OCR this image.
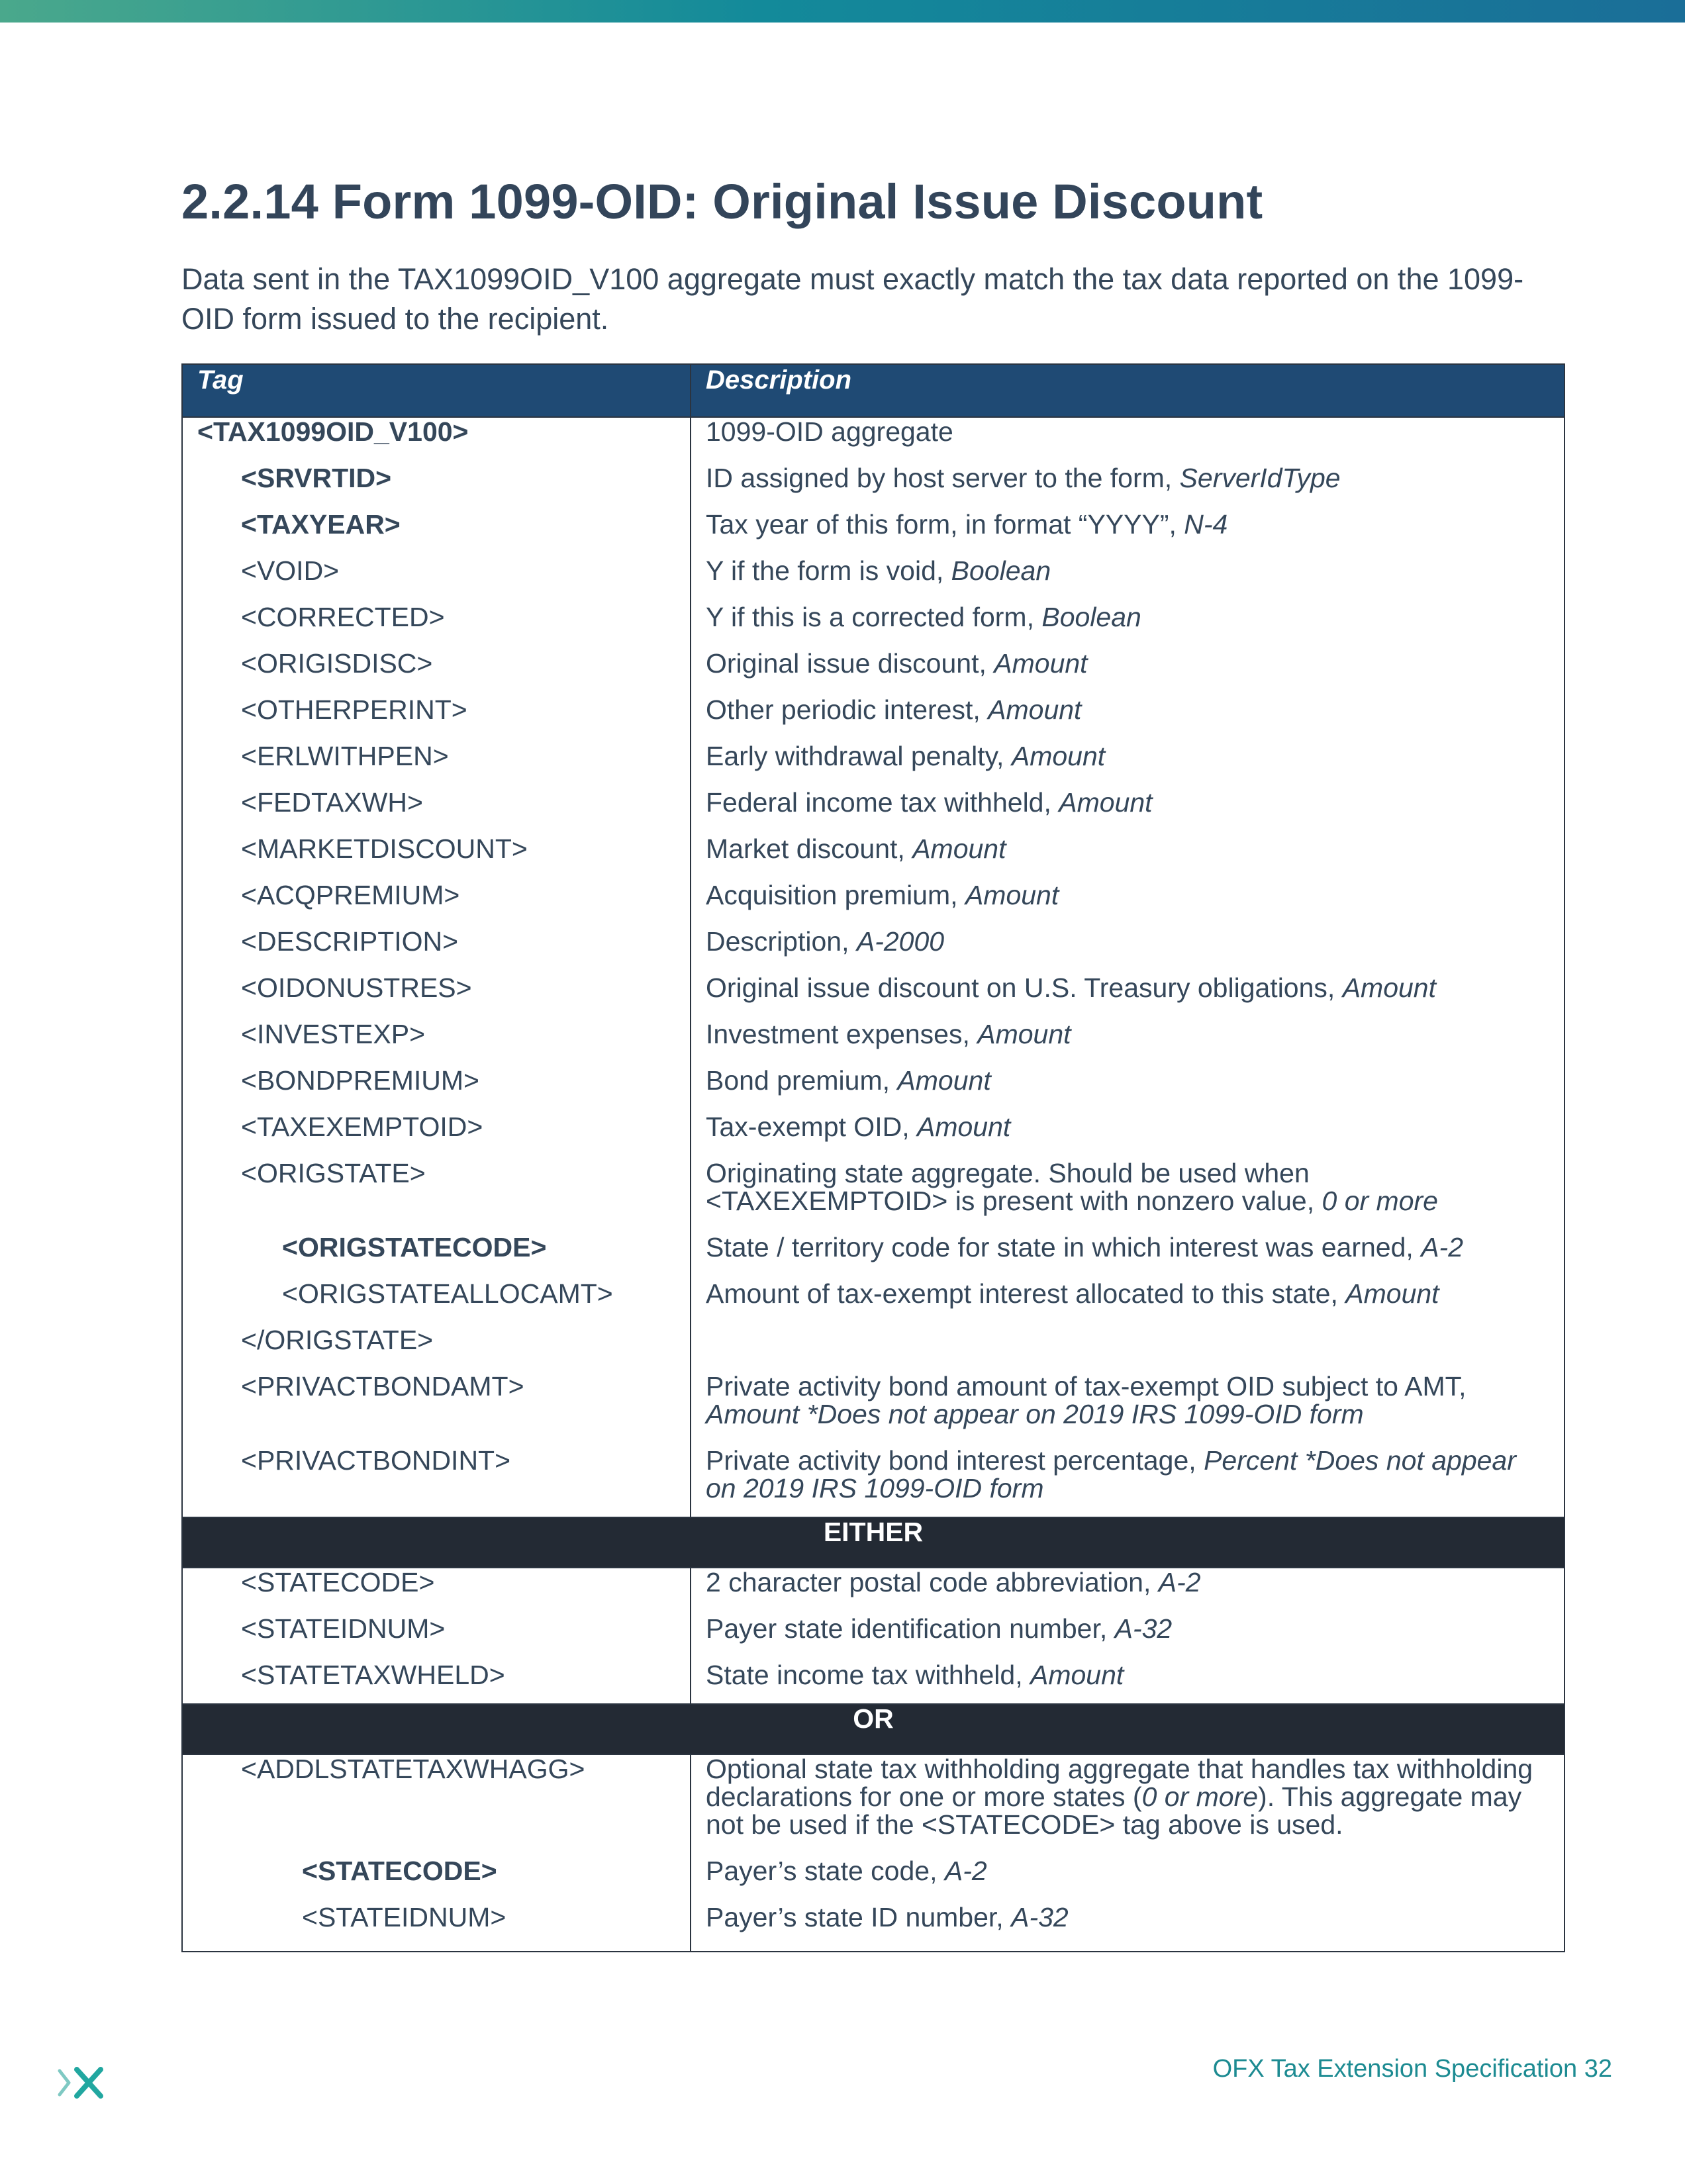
2.2.14 Form 1099-OID: Original Issue Discount

Data sent in the TAX1099OID_V100 aggregate must exactly match the tax data reported on the 1099-OID form issued to the recipient.

Tag	Description
<TAX1099OID_V100>	1099-OID aggregate
<SRVRTID>	ID assigned by host server to the form, ServerIdType
<TAXYEAR>	Tax year of this form, in format “YYYY”, N-4
<VOID>	Y if the form is void, Boolean
<CORRECTED>	Y if this is a corrected form, Boolean
<ORIGISDISC>	Original issue discount, Amount
<OTHERPERINT>	Other periodic interest, Amount
<ERLWITHPEN>	Early withdrawal penalty, Amount
<FEDTAXWH>	Federal income tax withheld, Amount
<MARKETDISCOUNT>	Market discount, Amount
<ACQPREMIUM>	Acquisition premium, Amount
<DESCRIPTION>	Description, A-2000
<OIDONUSTRES>	Original issue discount on U.S. Treasury obligations, Amount
<INVESTEXP>	Investment expenses, Amount
<BONDPREMIUM>	Bond premium, Amount
<TAXEXEMPTOID>	Tax-exempt OID, Amount
<ORIGSTATE>	Originating state aggregate. Should be used when <TAXEXEMPTOID> is present with nonzero value, 0 or more
<ORIGSTATECODE>	State / territory code for state in which interest was earned, A-2
<ORIGSTATEALLOCAMT>	Amount of tax-exempt interest allocated to this state, Amount
</ORIGSTATE>	
<PRIVACTBONDAMT>	Private activity bond amount of tax-exempt OID subject to AMT, Amount *Does not appear on 2019 IRS 1099-OID form
<PRIVACTBONDINT>	Private activity bond interest percentage, Percent *Does not appear on 2019 IRS 1099-OID form
EITHER	
<STATECODE>	2 character postal code abbreviation, A-2
<STATEIDNUM>	Payer state identification number, A-32
<STATETAXWHELD>	State income tax withheld, Amount
OR	
<ADDLSTATETAXWHAGG>	Optional state tax withholding aggregate that handles tax withholding declarations for one or more states (0 or more). This aggregate may not be used if the <STATECODE> tag above is used.
<STATECODE>	Payer’s state code, A-2
<STATEIDNUM>	Payer’s state ID number, A-32
OFX Tax Extension Specification 32
